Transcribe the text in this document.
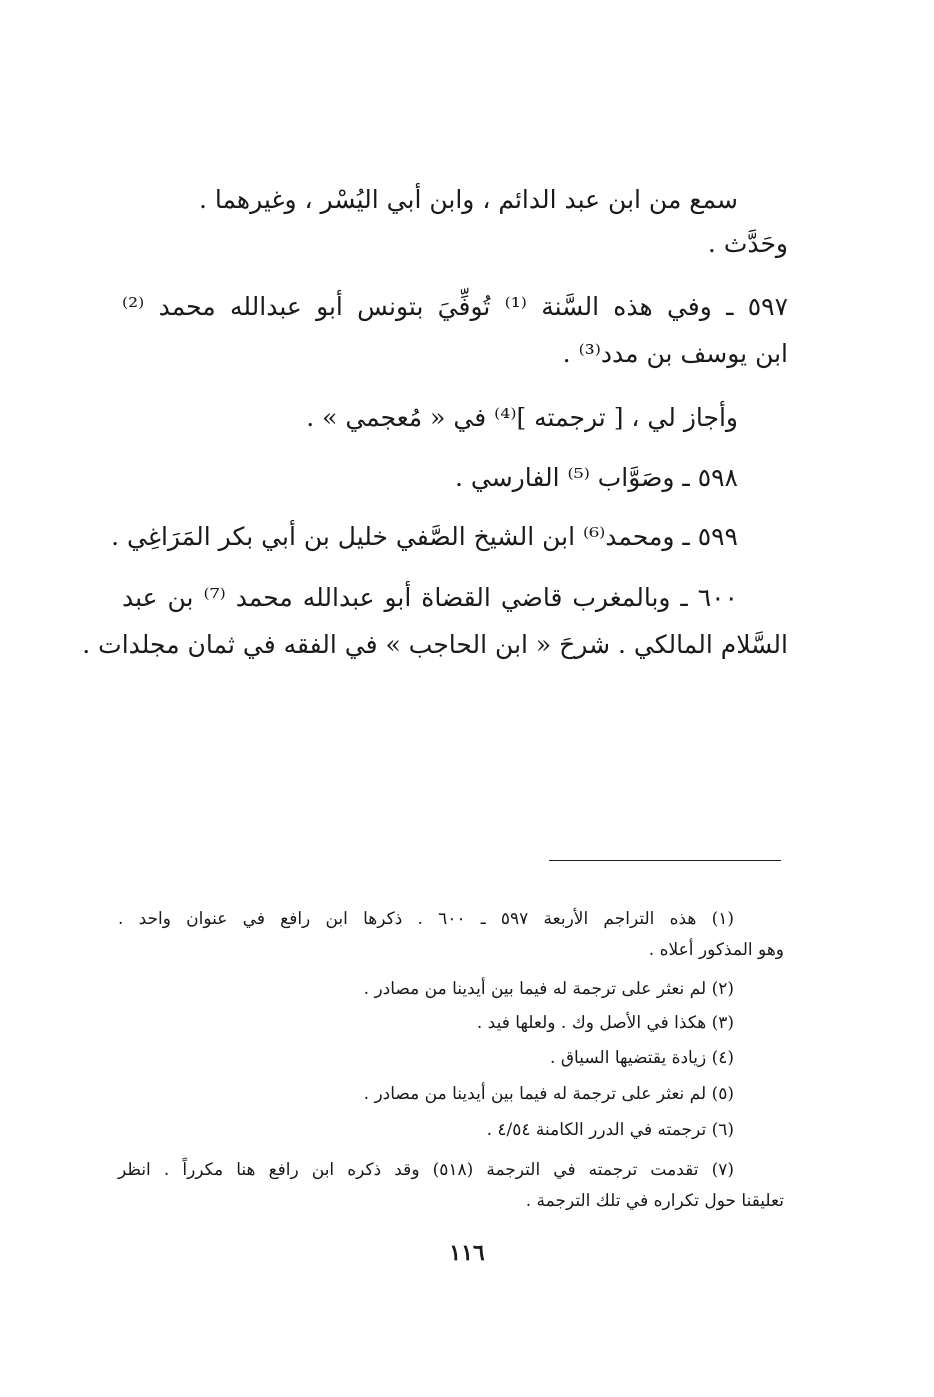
سمع من ابن عبد الدائم ، وابن أبي اليُسْر ، وغيرهما .

وحَدَّث .

٥٩٧ ـ وفي هذه السَّنة ⁽¹⁾ تُوفِّيَ بتونس أبو عبدالله محمد ⁽²⁾

ابن يوسف بن مدد⁽³⁾ .

وأجاز لي ، [ ترجمته ]⁽⁴⁾ في « مُعجمي » .

٥٩٨ ـ وصَوَّاب ⁽⁵⁾ الفارسي .

٥٩٩ ـ ومحمد⁽⁶⁾ ابن الشيخ الصَّفي خليل بن أبي بكر المَرَاغِي .

٦٠٠ ـ وبالمغرب قاضي القضاة أبو عبدالله محمد ⁽⁷⁾ بن عبد

السَّلام المالكي . شرحَ « ابن الحاجب » في الفقه في ثمان مجلدات .

(١) هذه التراجم الأربعة ٥٩٧ ـ ٦٠٠ . ذكرها ابن رافع في عنوان واحد .

وهو المذكور أعلاه .

(٢) لم نعثر على ترجمة له فيما بين أيدينا من مصادر .

(٣) هكذا في الأصل وك . ولعلها فيد .

(٤) زيادة يقتضيها السياق .

(٥) لم نعثر على ترجمة له فيما بين أيدينا من مصادر .

(٦) ترجمته في الدرر الكامنة ٤/٥٤ .

(٧) تقدمت ترجمته في الترجمة (٥١٨) وقد ذكره ابن رافع هنا مكرراً . انظر

تعليقنا حول تكراره في تلك الترجمة .

١١٦
